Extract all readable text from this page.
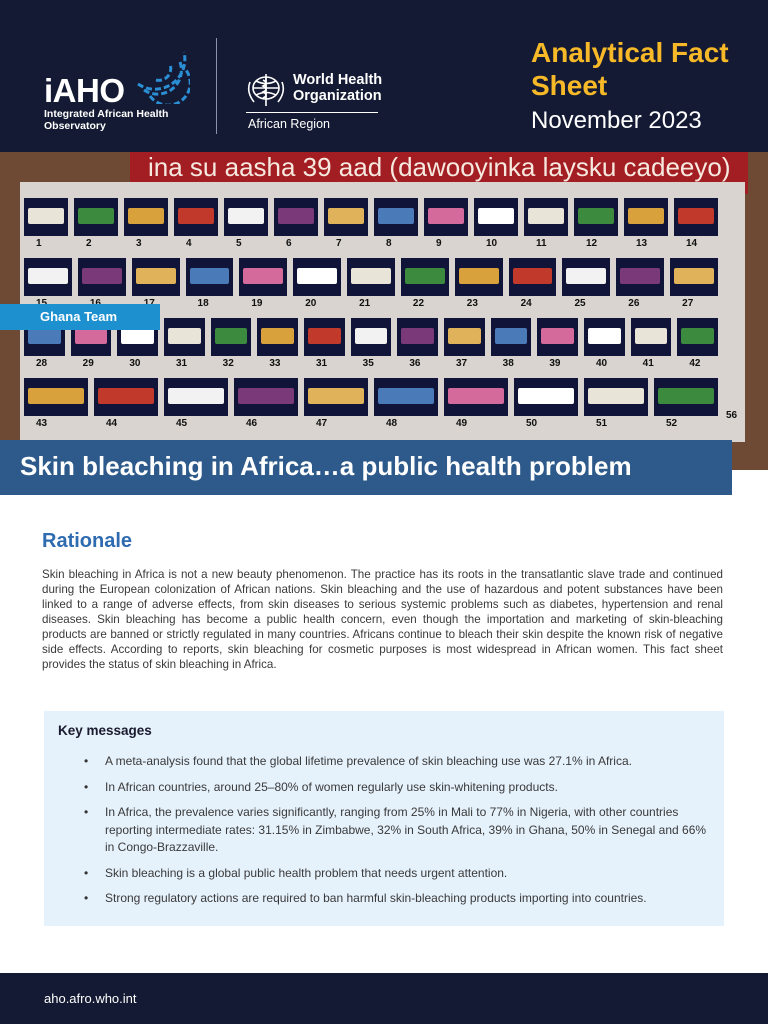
iAHO
Integrated African Health Observatory
World Health Organization
African Region
Analytical Fact Sheet
November 2023
ina su aasha 39 aad (dawooyinka laysku cadeeyo)
1	2	3	4	5	6	7	8	9	10	11	12	13	14
18	19	20	21	22	23	24	25	26	27
28	29	30	31	32	33	31	35	36	37	38	39	40	41	42
43	44	45	46	47	48	49	50	51	52
56
Ghana Team
Skin bleaching in Africa…a public health problem
Rationale
Skin bleaching in Africa is not a new beauty phenomenon. The practice has its roots in the transatlantic slave trade and continued during the European colonization of African nations. Skin bleaching and the use of hazardous and potent substances have been linked to a range of adverse effects, from skin diseases to serious systemic problems such as diabetes, hypertension and renal diseases. Skin bleaching has become a public health concern, even though the importation and marketing of skin-bleaching products are banned or strictly regulated in many countries. Africans continue to bleach their skin despite the known risk of negative side effects. According to reports, skin bleaching for cosmetic purposes is most widespread in African women. This fact sheet provides the status of skin bleaching in Africa.
Key messages
• A meta-analysis found that the global lifetime prevalence of skin bleaching use was 27.1% in Africa.
• In African countries, around 25–80% of women regularly use skin-whitening products.
• In Africa, the prevalence varies significantly, ranging from 25% in Mali to 77% in Nigeria, with other countries reporting intermediate rates: 31.15% in Zimbabwe, 32% in South Africa, 39% in Ghana, 50% in Senegal and 66% in Congo-Brazzaville.
• Skin bleaching is a global public health problem that needs urgent attention.
• Strong regulatory actions are required to ban harmful skin-bleaching products importing into countries.
aho.afro.who.int
